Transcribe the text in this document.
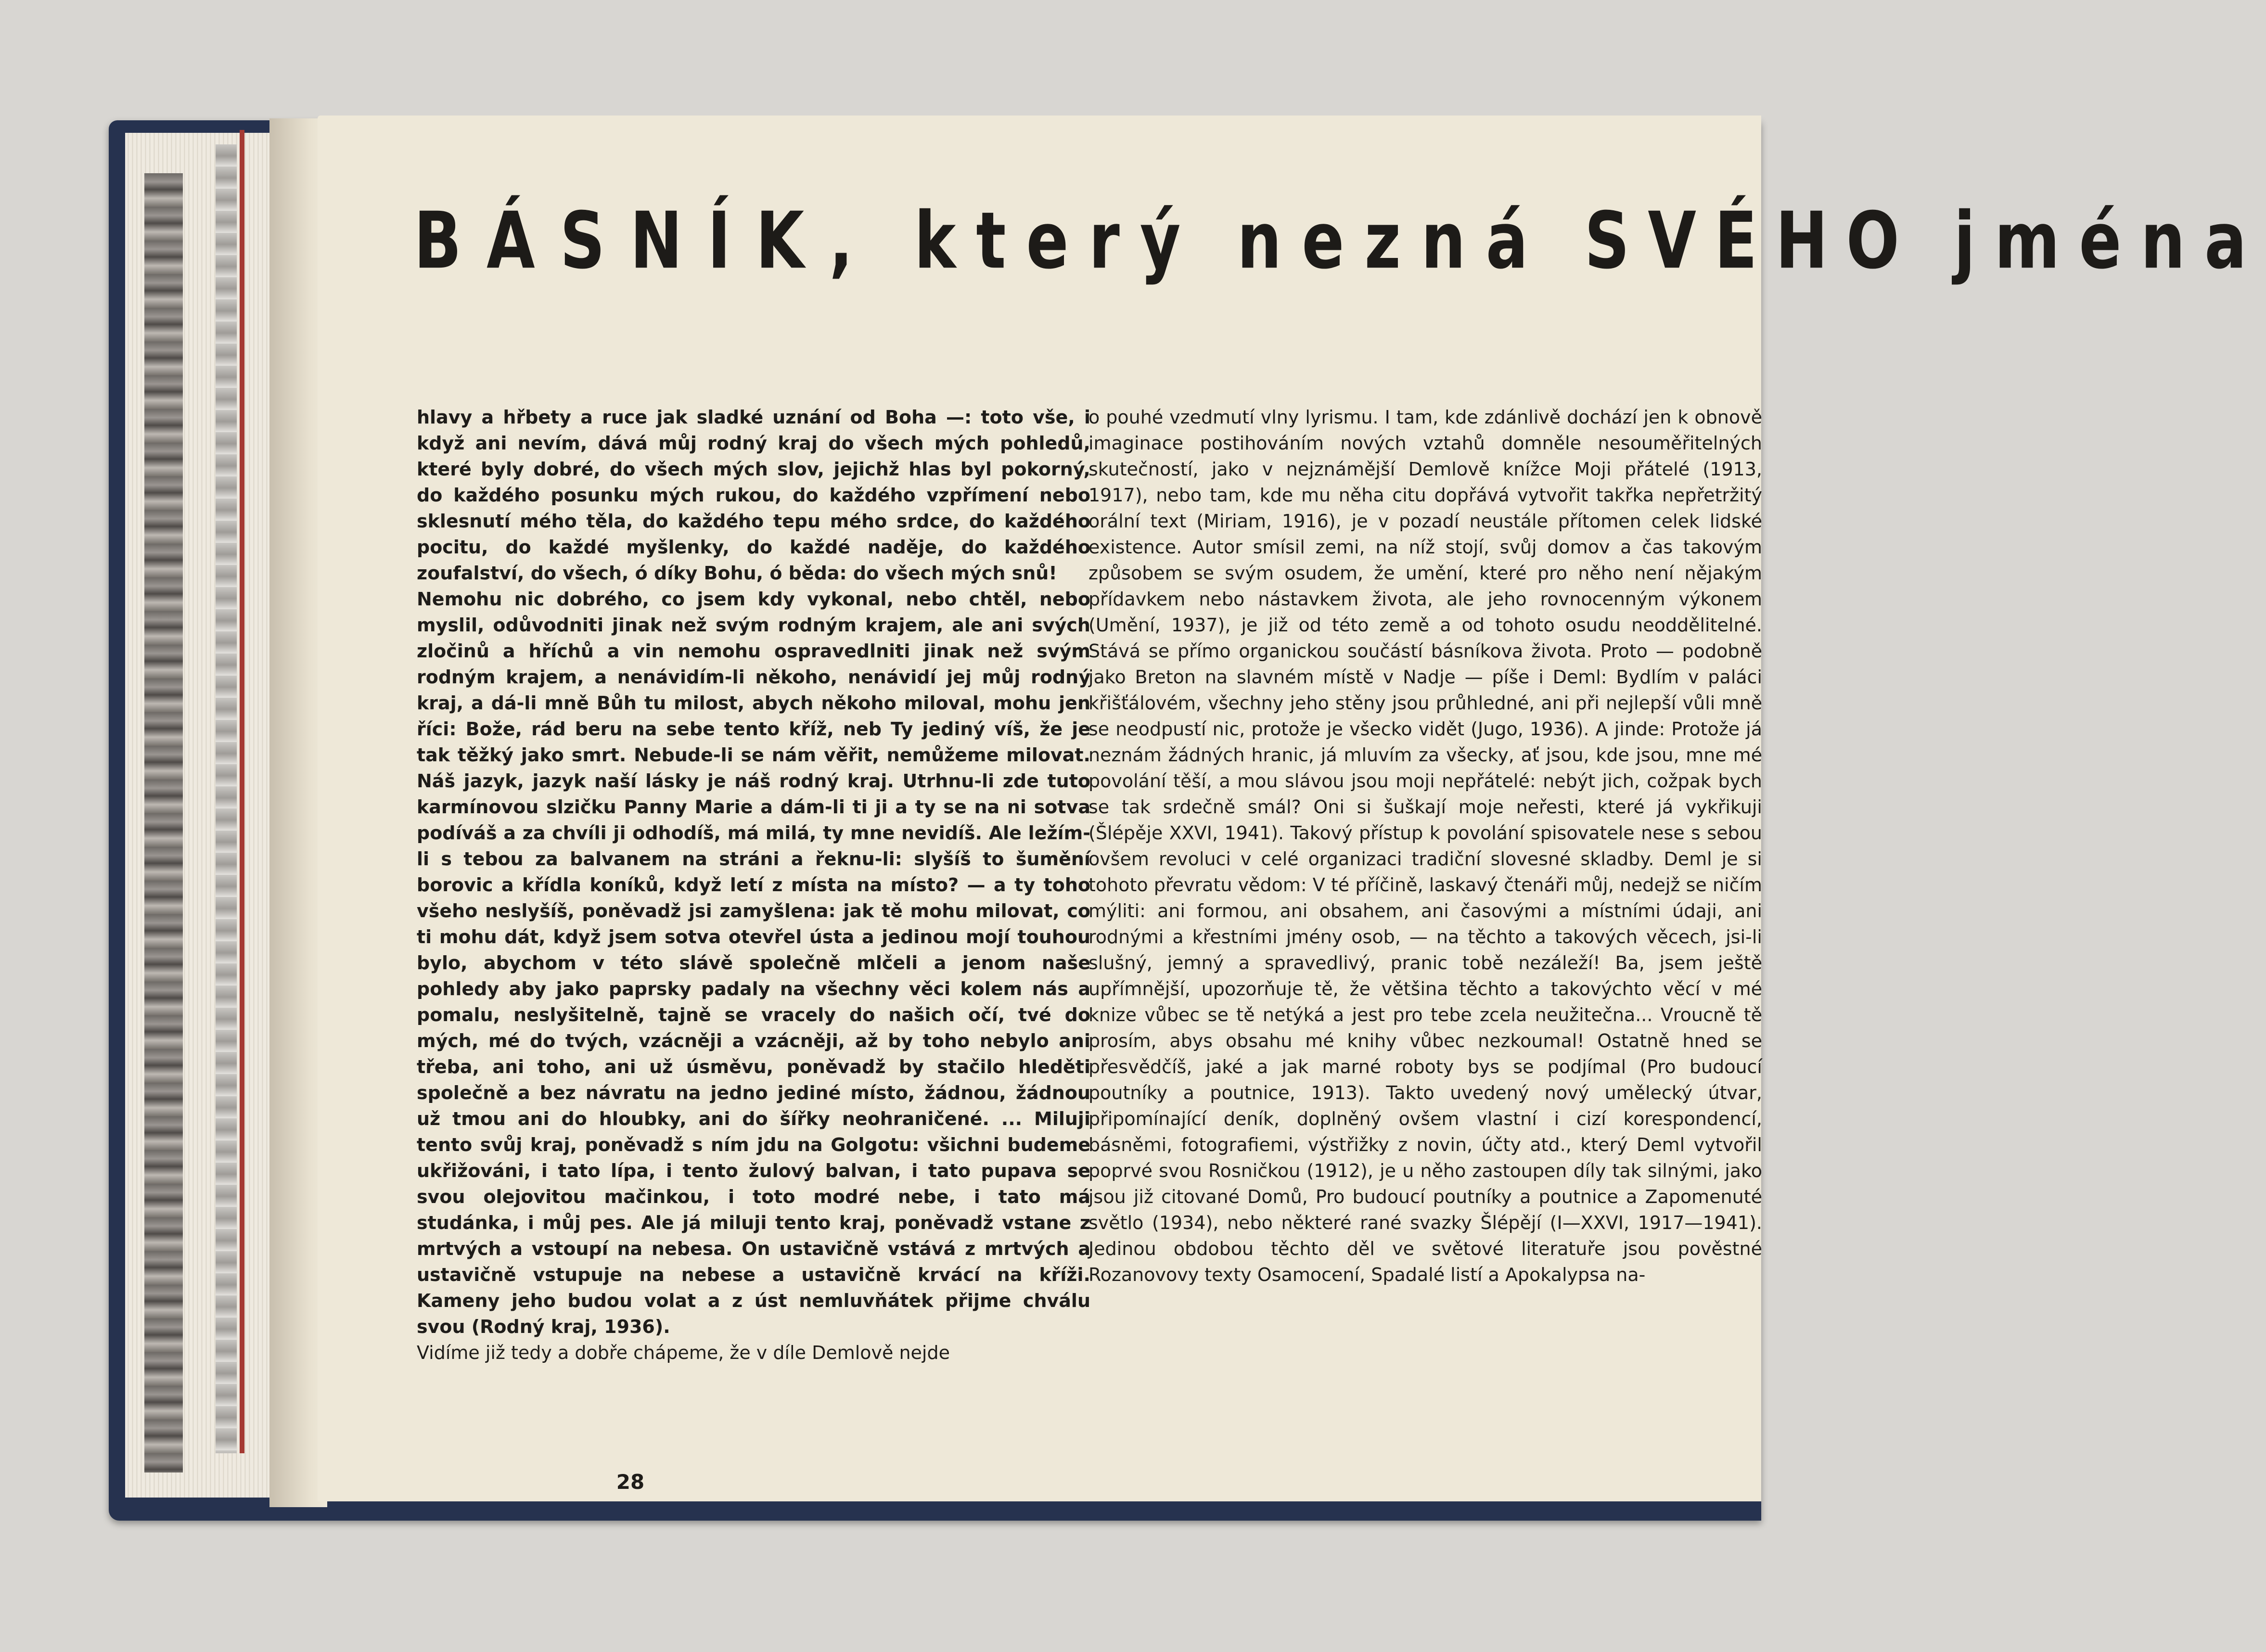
BÁSNÍK, který nezná SVÉHO jména

hlavy a hřbety a ruce jak sladké uznání od Boha —: toto vše, i když ani nevím, dává můj rodný kraj do všech mých pohledů, které byly dobré, do všech mých slov, jejichž hlas byl pokorný, do každého posunku mých rukou, do každého vzpřímení nebo sklesnutí mého těla, do každého tepu mého srdce, do každého pocitu, do každé myšlenky, do každé naděje, do každého zoufalství, do všech, ó díky Bohu, ó běda: do všech mých snů!

Nemohu nic dobrého, co jsem kdy vykonal, nebo chtěl, nebo myslil, odůvodniti jinak než svým rodným krajem, ale ani svých zločinů a hříchů a vin nemohu ospravedlniti jinak než svým rodným krajem, a nenávidím-li někoho, nenávidí jej můj rodný kraj, a dá-li mně Bůh tu milost, abych někoho miloval, mohu jen říci: Bože, rád beru na sebe tento kříž, neb Ty jediný víš, že je tak těžký jako smrt. Nebude-li se nám věřit, nemůžeme milovat. Náš jazyk, jazyk naší lásky je náš rodný kraj. Utrhnu-li zde tuto karmínovou slzičku Panny Marie a dám-li ti ji a ty se na ni sotva podíváš a za chvíli ji odhodíš, má milá, ty mne nevidíš. Ale ležím-li s tebou za balvanem na stráni a řeknu-li: slyšíš to šumění borovic a křídla koníků, když letí z místa na místo? — a ty toho všeho neslyšíš, poněvadž jsi zamyšlena: jak tě mohu milovat, co ti mohu dát, když jsem sotva otevřel ústa a jedinou mojí touhou bylo, abychom v této slávě společně mlčeli a jenom naše pohledy aby jako paprsky padaly na všechny věci kolem nás a pomalu, neslyšitelně, tajně se vracely do našich očí, tvé do mých, mé do tvých, vzácněji a vzácněji, až by toho nebylo ani třeba, ani toho, ani už úsměvu, poněvadž by stačilo hleděti společně a bez návratu na jedno jediné místo, žádnou, žádnou už tmou ani do hloubky, ani do šířky neohraničené. ... Miluji tento svůj kraj, poněvadž s ním jdu na Golgotu: všichni budeme ukřižováni, i tato lípa, i tento žulový balvan, i tato pupava se svou olejovitou mačinkou, i toto modré nebe, i tato má studánka, i můj pes. Ale já miluji tento kraj, poněvadž vstane z mrtvých a vstoupí na nebesa. On ustavičně vstává z mrtvých a ustavičně vstupuje na nebese a ustavičně krvácí na kříži. Kameny jeho budou volat a z úst nemluvňátek přijme chválu svou (Rodný kraj, 1936).

Vidíme již tedy a dobře chápeme, že v díle Demlově nejde

o pouhé vzedmutí vlny lyrismu. I tam, kde zdánlivě dochází jen k obnově imaginace postihováním nových vztahů domněle nesouměřitelných skutečností, jako v nejznámější Demlově knížce Moji přátelé (1913, 1917), nebo tam, kde mu něha citu dopřává vytvořit takřka nepřetržitý orální text (Miriam, 1916), je v pozadí neustále přítomen celek lidské existence. Autor smísil zemi, na níž stojí, svůj domov a čas takovým způsobem se svým osudem, že umění, které pro něho není nějakým přídavkem nebo nástavkem života, ale jeho rovnocenným výkonem (Umění, 1937), je již od této země a od tohoto osudu neoddělitelné. Stává se přímo organickou součástí básníkova života. Proto — podobně jako Breton na slavném místě v Nadje — píše i Deml: Bydlím v paláci křišťálovém, všechny jeho stěny jsou průhledné, ani při nejlepší vůli mně se neodpustí nic, protože je všecko vidět (Jugo, 1936). A jinde: Protože já neznám žádných hranic, já mluvím za všecky, ať jsou, kde jsou, mne mé povolání těší, a mou slávou jsou moji nepřátelé: nebýt jich, cožpak bych se tak srdečně smál? Oni si šuškají moje neřesti, které já vykřikuji (Šlépěje XXVI, 1941). Takový přístup k povolání spisovatele nese s sebou ovšem revoluci v celé organizaci tradiční slovesné skladby. Deml je si tohoto převratu vědom: V té příčině, laskavý čtenáři můj, nedejž se ničím mýliti: ani formou, ani obsahem, ani časovými a místními údaji, ani rodnými a křestními jmény osob, — na těchto a takových věcech, jsi-li slušný, jemný a spravedlivý, pranic tobě nezáleží! Ba, jsem ještě upřímnější, upozorňuje tě, že většina těchto a takovýchto věcí v mé knize vůbec se tě netýká a jest pro tebe zcela neužitečna... Vroucně tě prosím, abys obsahu mé knihy vůbec nezkoumal! Ostatně hned se přesvědčíš, jaké a jak marné roboty bys se podjímal (Pro budoucí poutníky a poutnice, 1913). Takto uvedený nový umělecký útvar, připomínající deník, doplněný ovšem vlastní i cizí korespondencí, básněmi, fotografiemi, výstřižky z novin, účty atd., který Deml vytvořil poprvé svou Rosničkou (1912), je u něho zastoupen díly tak silnými, jako jsou již citované Domů, Pro budoucí poutníky a poutnice a Zapomenuté světlo (1934), nebo některé rané svazky Šlépějí (I—XXVI, 1917—1941). Jedinou obdobou těchto děl ve světové literatuře jsou pověstné Rozanovovy texty Osamocení, Spadalé listí a Apokalypsa na-

28
